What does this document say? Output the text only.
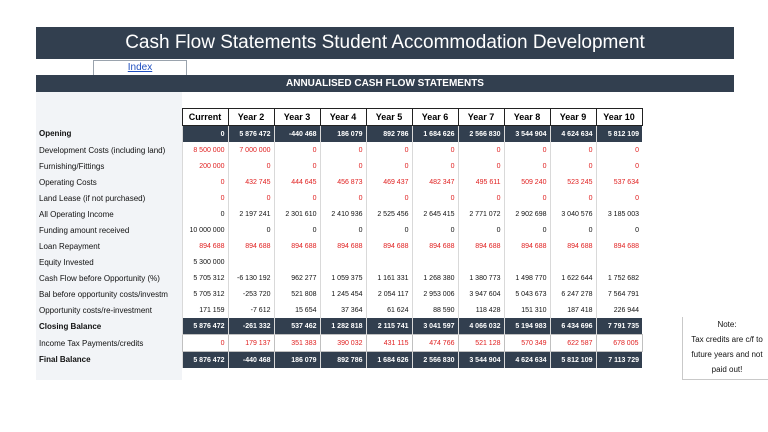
Cash Flow Statements Student Accommodation Development
Index
ANNUALISED CASH FLOW STATEMENTS
	Current	Year 2	Year 3	Year 4	Year 5	Year 6	Year 7	Year 8	Year 9	Year 10
Opening	0	5 876 472	-440 468	186 079	892 786	1 684 626	2 566 830	3 544 904	4 624 634	5 812 109
Development Costs (including land)	8 500 000	7 000 000	0	0	0	0	0	0	0	0
Furnishing/Fittings	200 000	0	0	0	0	0	0	0	0	0
Operating Costs	0	432 745	444 645	456 873	469 437	482 347	495 611	509 240	523 245	537 634
Land Lease (if not purchased)	0	0	0	0	0	0	0	0	0	0
All Operating Income	0	2 197 241	2 301 610	2 410 936	2 525 456	2 645 415	2 771 072	2 902 698	3 040 576	3 185 003
Funding amount received	10 000 000	0	0	0	0	0	0	0	0	0
Loan Repayment	894 688	894 688	894 688	894 688	894 688	894 688	894 688	894 688	894 688	894 688
Equity Invested	5 300 000									
Cash Flow before Opportunity (%)	5 705 312	-6 130 192	962 277	1 059 375	1 161 331	1 268 380	1 380 773	1 498 770	1 622 644	1 752 682
Bal before opportunity costs/investm	5 705 312	-253 720	521 808	1 245 454	2 054 117	2 953 006	3 947 604	5 043 673	6 247 278	7 564 791
Opportunity costs/re-investment	171 159	-7 612	15 654	37 364	61 624	88 590	118 428	151 310	187 418	226 944
Closing Balance	5 876 472	-261 332	537 462	1 282 818	2 115 741	3 041 597	4 066 032	5 194 983	6 434 696	7 791 735
Income Tax Payments/credits	0	179 137	351 383	390 032	431 115	474 766	521 128	570 349	622 587	678 005
Final Balance	5 876 472	-440 468	186 079	892 786	1 684 626	2 566 830	3 544 904	4 624 634	5 812 109	7 113 729
Note:
Tax credits are c/f to
future years and not
paid out!
